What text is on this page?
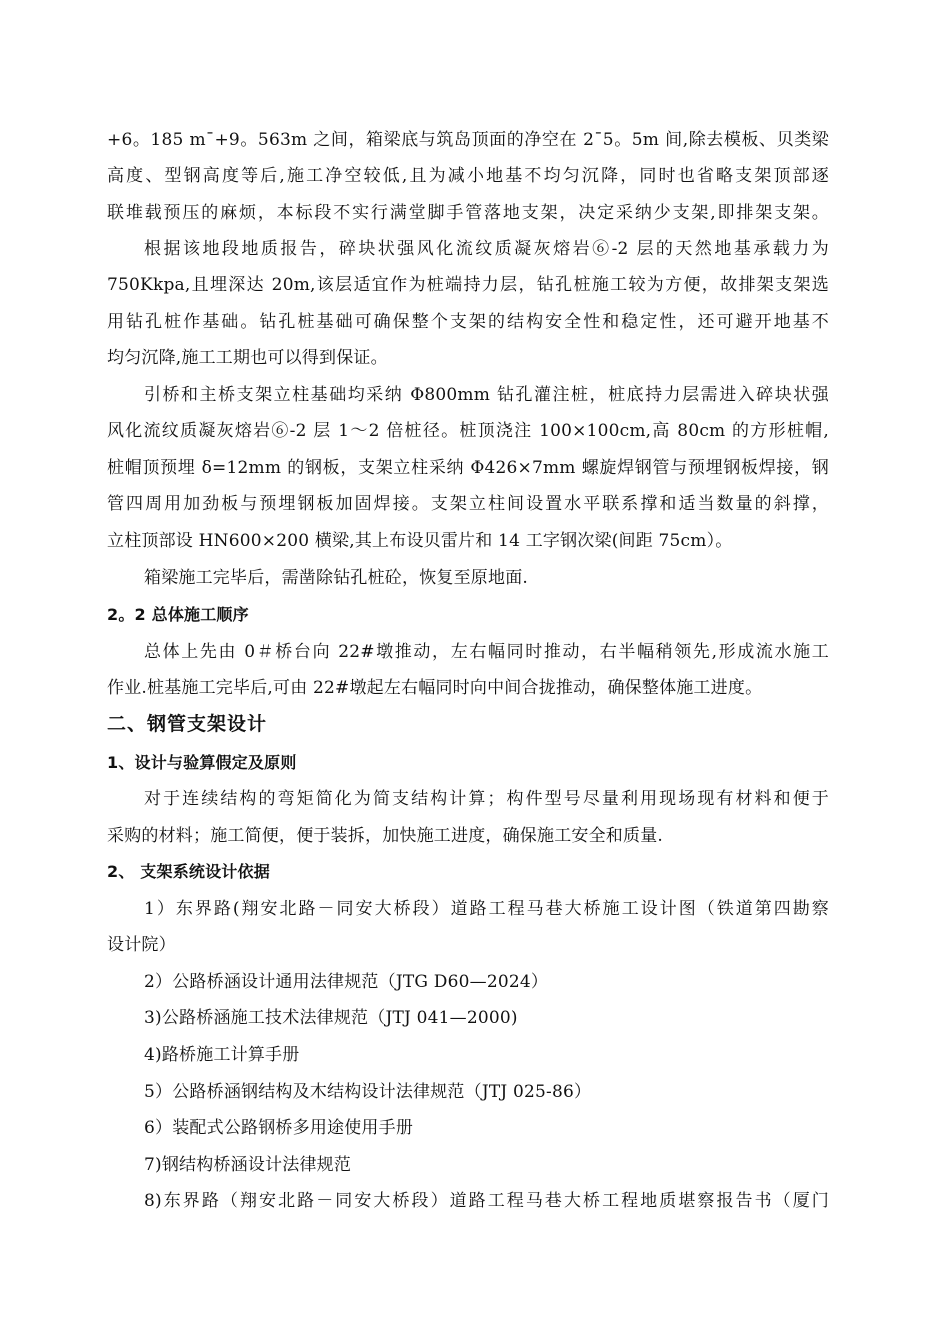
+6。185 m¯+9。563m 之间，箱梁底与筑岛顶面的净空在 2¯5。5m 间,除去模板、贝类梁
高度、型钢高度等后,施工净空较低,且为减小地基不均匀沉降，同时也省略支架顶部逐
联堆载预压的麻烦，本标段不实行满堂脚手管落地支架，决定采纳少支架,即排架支架。
根据该地段地质报告，碎块状强风化流纹质凝灰熔岩⑥-2 层的天然地基承载力为
750Kkpa,且埋深达 20m,该层适宜作为桩端持力层，钻孔桩施工较为方便，故排架支架选
用钻孔桩作基础。钻孔桩基础可确保整个支架的结构安全性和稳定性，还可避开地基不
均匀沉降,施工工期也可以得到保证。
引桥和主桥支架立柱基础均采纳 Φ800mm 钻孔灌注桩，桩底持力层需进入碎块状强
风化流纹质凝灰熔岩⑥-2 层 1～2 倍桩径。桩顶浇注 100×100cm,高 80cm 的方形桩帽,
桩帽顶预埋 δ=12mm 的钢板，支架立柱采纳 Φ426×7mm 螺旋焊钢管与预埋钢板焊接，钢
管四周用加劲板与预埋钢板加固焊接。支架立柱间设置水平联系撑和适当数量的斜撑，
立柱顶部设 HN600×200 横梁,其上布设贝雷片和 14 工字钢次梁(间距 75cm）。
箱梁施工完毕后，需凿除钻孔桩砼，恢复至原地面.
2。2 总体施工顺序
总体上先由 0＃桥台向 22#墩推动，左右幅同时推动，右半幅稍领先,形成流水施工
作业.桩基施工完毕后,可由 22#墩起左右幅同时向中间合拢推动，确保整体施工进度。
二、钢管支架设计
1、设计与验算假定及原则
对于连续结构的弯矩简化为简支结构计算；构件型号尽量利用现场现有材料和便于
采购的材料；施工简便，便于装拆，加快施工进度，确保施工安全和质量.
2、 支架系统设计依据
1）东界路(翔安北路－同安大桥段）道路工程马巷大桥施工设计图（铁道第四勘察
设计院）
2）公路桥涵设计通用法律规范（JTG D60—2024）
3)公路桥涵施工技术法律规范（JTJ 041—2000)
4)路桥施工计算手册
5）公路桥涵钢结构及木结构设计法律规范（JTJ 025-86）
6）装配式公路钢桥多用途使用手册
7)钢结构桥涵设计法律规范
8)东界路（翔安北路－同安大桥段）道路工程马巷大桥工程地质堪察报告书（厦门
